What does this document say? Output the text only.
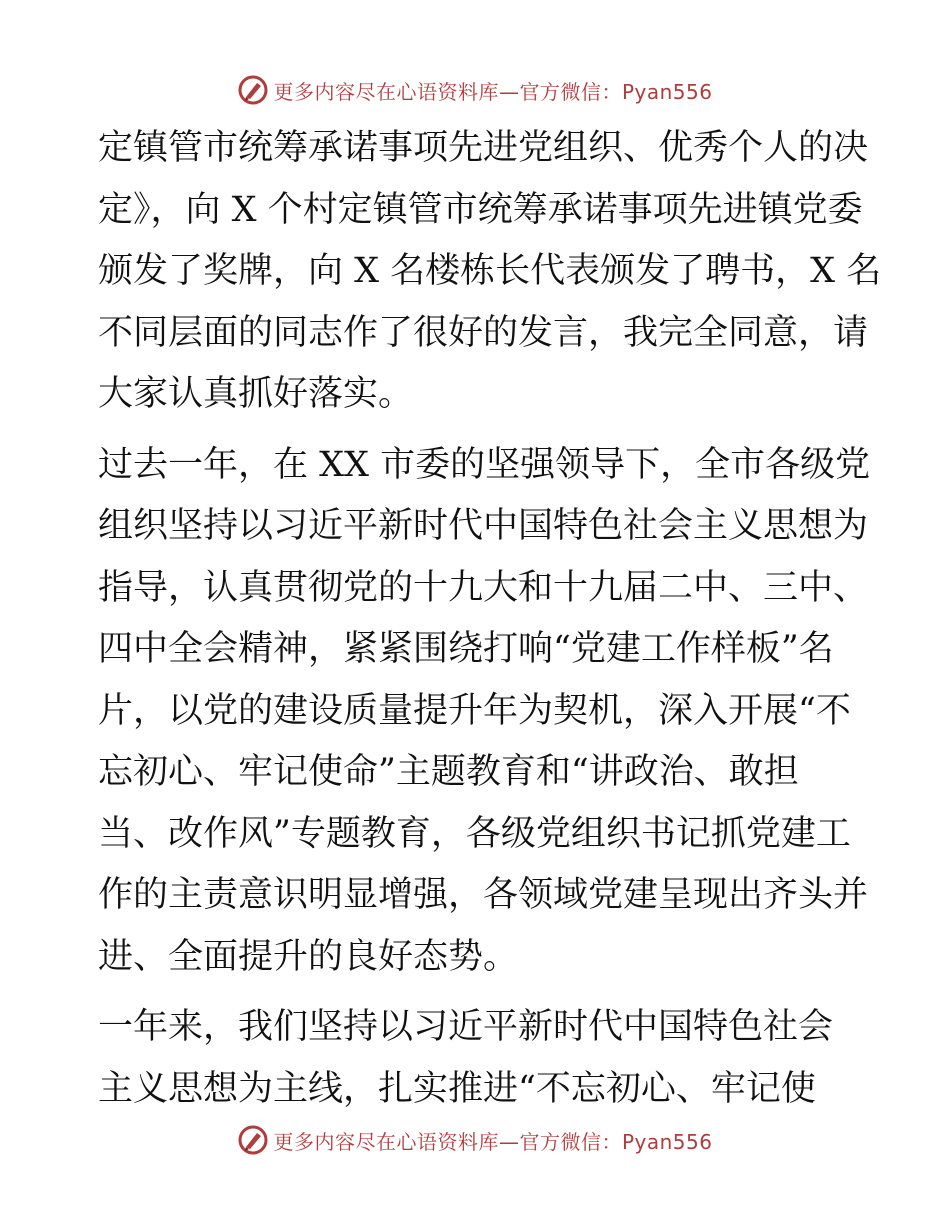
更多内容尽在心语资料库—官方微信：Pyan556
定镇管市统筹承诺事项先进党组织、优秀个人的决
定》，向 X 个村定镇管市统筹承诺事项先进镇党委
颁发了奖牌，向 X 名楼栋长代表颁发了聘书，X 名
不同层面的同志作了很好的发言，我完全同意，请
大家认真抓好落实。
过去一年，在 XX 市委的坚强领导下，全市各级党
组织坚持以习近平新时代中国特色社会主义思想为
指导，认真贯彻党的十九大和十九届二中、三中、
四中全会精神，紧紧围绕打响“党建工作样板”名
片，以党的建设质量提升年为契机，深入开展“不
忘初心、牢记使命”主题教育和“讲政治、敢担
当、改作风”专题教育，各级党组织书记抓党建工
作的主责意识明显增强，各领域党建呈现出齐头并
进、全面提升的良好态势。
一年来，我们坚持以习近平新时代中国特色社会
主义思想为主线，扎实推进“不忘初心、牢记使
更多内容尽在心语资料库—官方微信：Pyan556
